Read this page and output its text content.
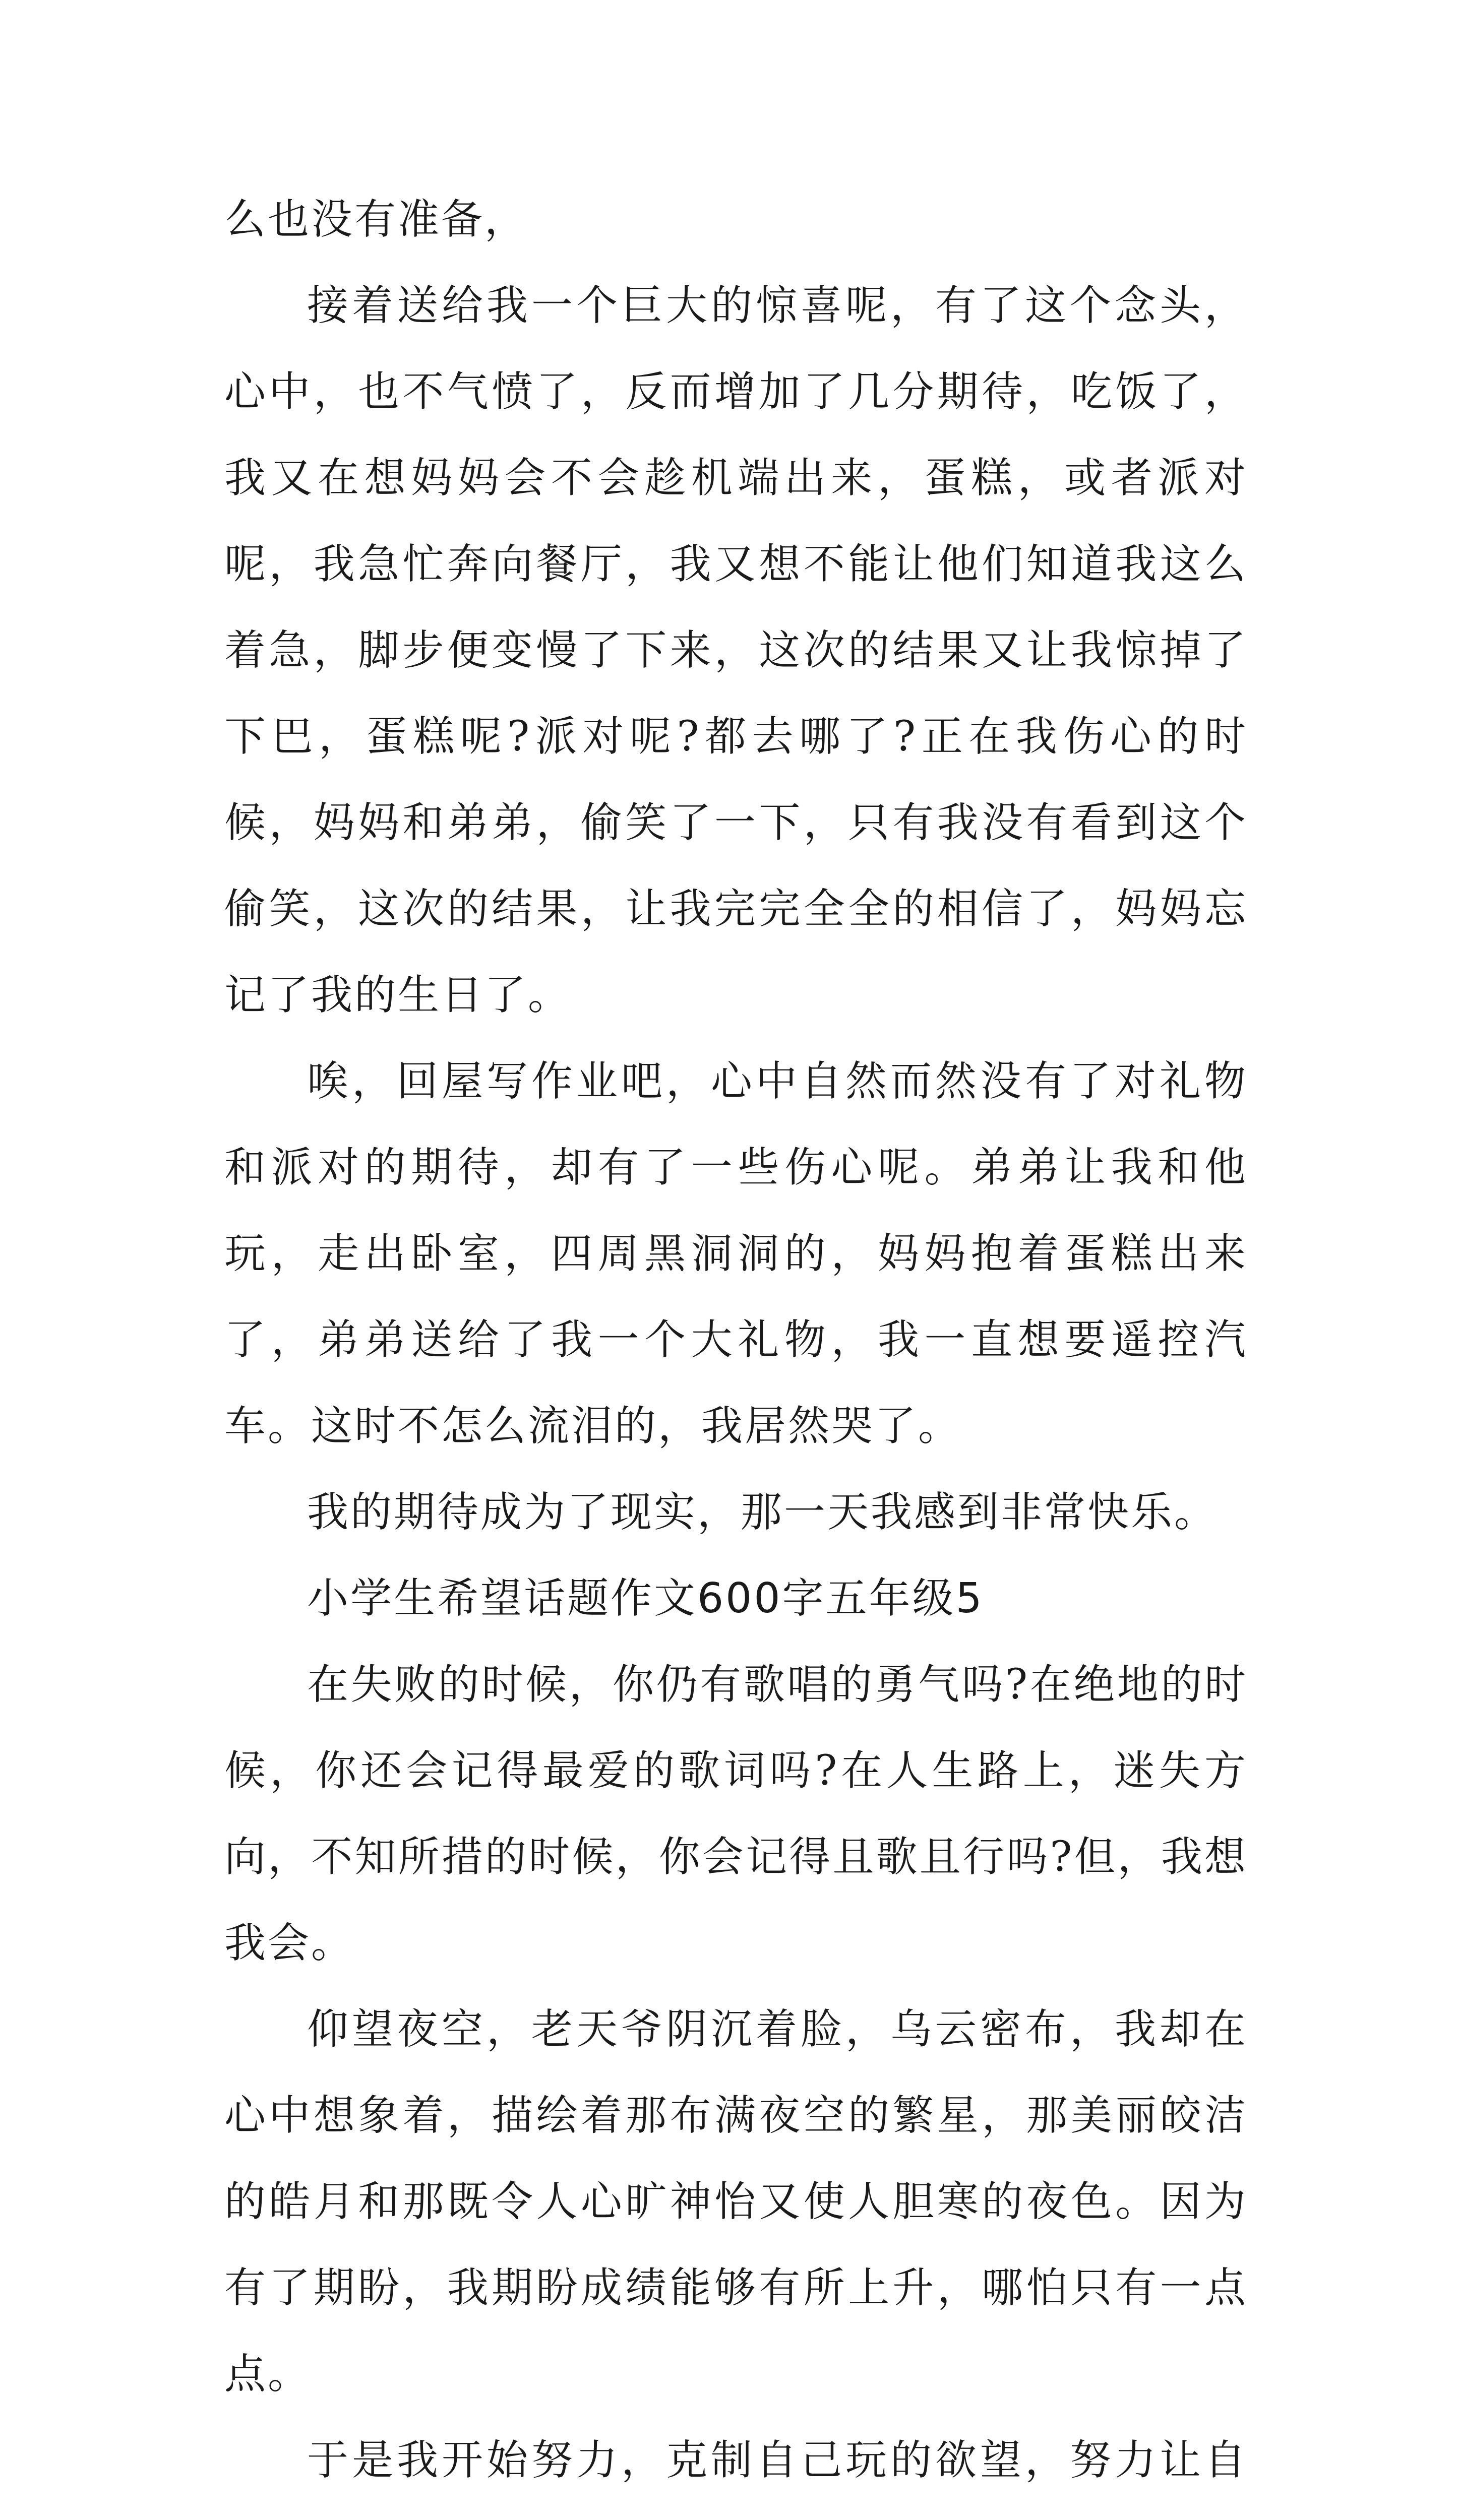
么也没有准备，

接着送给我一个巨大的惊喜呢，有了这个念头，心中，也不气愤了，反而增加了几分期待，吃饭了，我又在想妈妈会不会趁机端出来，蛋糕，或者派对呢，我急忙奔向餐厅，我又想不能让他们知道我这么着急，脚步便变慢了下来，这次的结果又让我惊掉了下巴，蛋糕呢?派对呢?都去哪了?正在我伤心的时候，妈妈和弟弟，偷笑了一下，只有我没有看到这个偷笑，这次的结果，让我完完全全的相信了，妈妈忘记了我的生日了。

唉，回屋写作业吧，心中自然而然没有了对礼物和派对的期待，却有了一些伤心呢。弟弟让我和他玩，走出卧室，四周黑洞洞的，妈妈抱着蛋糕出来了，弟弟送给了我一个大礼物，我一直想要遥控汽车。这时不怎么流泪的，我居然哭了。

我的期待成为了现实，那一天我感到非常快乐。

小学生希望话题作文600字五年级5

在失败的时候，你仍有歌唱的勇气吗?在绝地的时候，你还会记得最爱的歌词吗?在人生路上，迷失方向，不知所措的时候，你会记得且歌且行吗?但，我想我会。

仰望夜空，老天爷阴沉着脸，乌云密布，我却在心中想象着，描绘着那布满夜空的繁星，那美丽皎洁的皓月和那既令人心旷神怡又使人胆寒的夜色。因为有了期盼，我期盼成绩能够有所上升，哪怕只有一点点。

于是我开始努力，克制自己玩的欲望，努力让自
